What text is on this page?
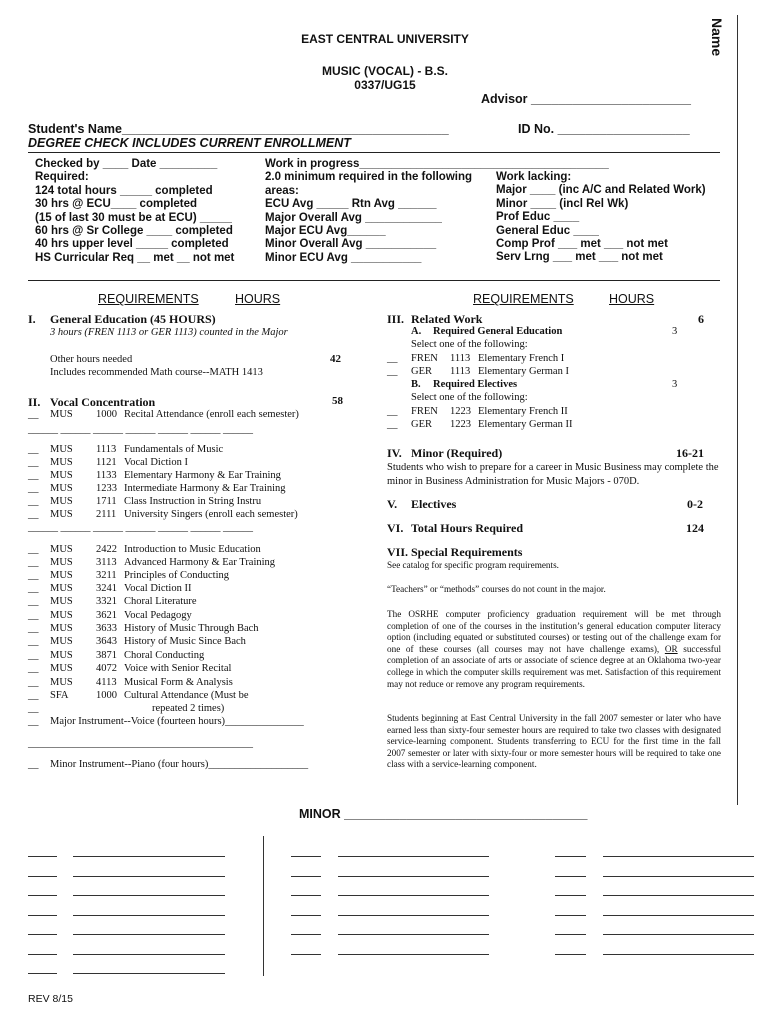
Name
EAST CENTRAL UNIVERSITY
MUSIC (VOCAL) - B.S.
0337/UG15
Advisor _______________________
Student's Name_______________________________________________	ID No. ___________________
DEGREE CHECK INCLUDES CURRENT ENROLLMENT
Checked by ____ Date _________
Required:
124 total hours _____ completed
30 hrs @ ECU____ completed
(15 of last 30 must be at ECU) _____
60 hrs @ Sr College ____ completed
40 hrs upper level _____ completed
HS Curricular Req __ met __ not met
Work in progress_______________________________________
2.0 minimum required in the following
areas:
ECU Avg _____ Rtn Avg ______
Major Overall Avg ____________
Major ECU Avg______
Minor Overall Avg ___________
Minor ECU Avg ___________
Work lacking:
Major ____ (inc A/C and Related Work)
Minor ____ (incl Rel Wk)
Prof Educ ____
General Educ ____
Comp Prof ___ met ___ not met
Serv Lrng ___ met ___ not met
REQUIREMENTS	HOURS	REQUIREMENTS	HOURS
I. General Education (45 HOURS)
3 hours (FREN 1113 or GER 1113) counted in the Major
Other hours needed	42
Includes recommended Math course--MATH 1413
II. Vocal Concentration	58
__ MUS 1000 Recital Attendance (enroll each semester)
______ ______ ______ ______ ______ ______ ______
__ MUS 1113 Fundamentals of Music
__ MUS 1121 Vocal Diction I
__ MUS 1133 Elementary Harmony & Ear Training
__ MUS 1233 Intermediate Harmony & Ear Training
__ MUS 1711 Class Instruction in String Instru
__ MUS 2111 University Singers (enroll each semester)
______ ______ ______ ______ ______ ______ ______
__ MUS 2422 Introduction to Music Education
__ MUS 3113 Advanced Harmony & Ear Training
__ MUS 3211 Principles of Conducting
__ MUS 3241 Vocal Diction II
__ MUS 3321 Choral Literature
__ MUS 3621 Vocal Pedagogy
__ MUS 3633 History of Music Through Bach
__ MUS 3643 History of Music Since Bach
__ MUS 3871 Choral Conducting
__ MUS 4072 Voice with Senior Recital
__ MUS 4113 Musical Form & Analysis
__ SFA	1000 Cultural Attendance (Must be
__	repeated 2 times)
__ Major Instrument--Voice (fourteen hours)_______________
_____________________________________________
__ Minor Instrument--Piano (four hours)___________________
III. Related Work	6
A. Required General Education	3
Select one of the following:
__ FREN 1113 Elementary French I
__ GER 1113 Elementary German I
B. Required Electives	3
Select one of the following:
__ FREN 1223 Elementary French II
__ GER 1223 Elementary German II
IV. Minor (Required)	16-21
Students who wish to prepare for a career in Music Business may complete the minor in Business Administration for Music Majors - 070D.
V. Electives	0-2
VI. Total Hours Required	124
VII. Special Requirements
See catalog for specific program requirements.
“Teachers” or “methods” courses do not count in the major.
The OSRHE computer proficiency graduation requirement will be met through completion of one of the courses in the institution’s general education computer literacy option (including equated or substituted courses) or testing out of the challenge exam for one of these courses (all courses may not have challenge exams), OR successful completion of an associate of arts or associate of science degree at an Oklahoma two-year college in which the computer skills requirement was met. Satisfaction of this requirement may not reduce or remove any program requirements.
Students beginning at East Central University in the fall 2007 semester or later who have earned less than sixty-four semester hours are required to take two classes with designated service-learning component. Students transferring to ECU for the first time in the fall 2007 semester or later with sixty-four or more semester hours will be required to take one class with a service-learning component.
MINOR ___________________________________
REV 8/15
